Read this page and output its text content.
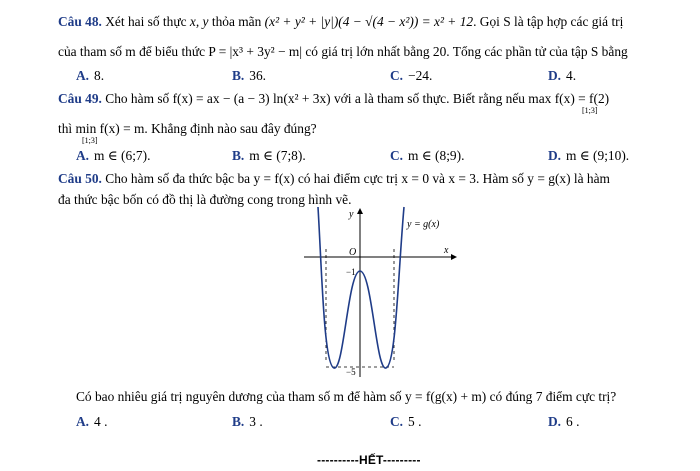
Câu 48. Xét hai số thực x, y thỏa mãn (x² + y² + |y|)(4 − √(4 − x²)) = x² + 12. Gọi S là tập hợp các giá trị
của tham số m để biểu thức P = |x³ + 3y² − m| có giá trị lớn nhất bằng 20. Tổng các phần tử của tập S bằng
A. 8.	B. 36.	C. −24.	D. 4.
Câu 49. Cho hàm số f(x) = ax − (a − 3) ln(x² + 3x) với a là tham số thực. Biết rằng nếu max f(x) = f(2)
[1;3]
thì min f(x) = m. Khẳng định nào sau đây đúng?
[1;3]
A. m ∈ (6;7).	B. m ∈ (7;8).	C. m ∈ (8;9).	D. m ∈ (9;10).
Câu 50. Cho hàm số đa thức bậc ba y = f(x) có hai điểm cực trị x = 0 và x = 3. Hàm số y = g(x) là hàm
đa thức bậc bốn có đồ thị là đường cong trong hình vẽ.
y
x
O
y = g(x)
−1
−5
Có bao nhiêu giá trị nguyên dương của tham số m để hàm số y = f(g(x) + m) có đúng 7 điểm cực trị?
A. 4 .	B. 3 .	C. 5 .	D. 6 .
----------HẾT---------
